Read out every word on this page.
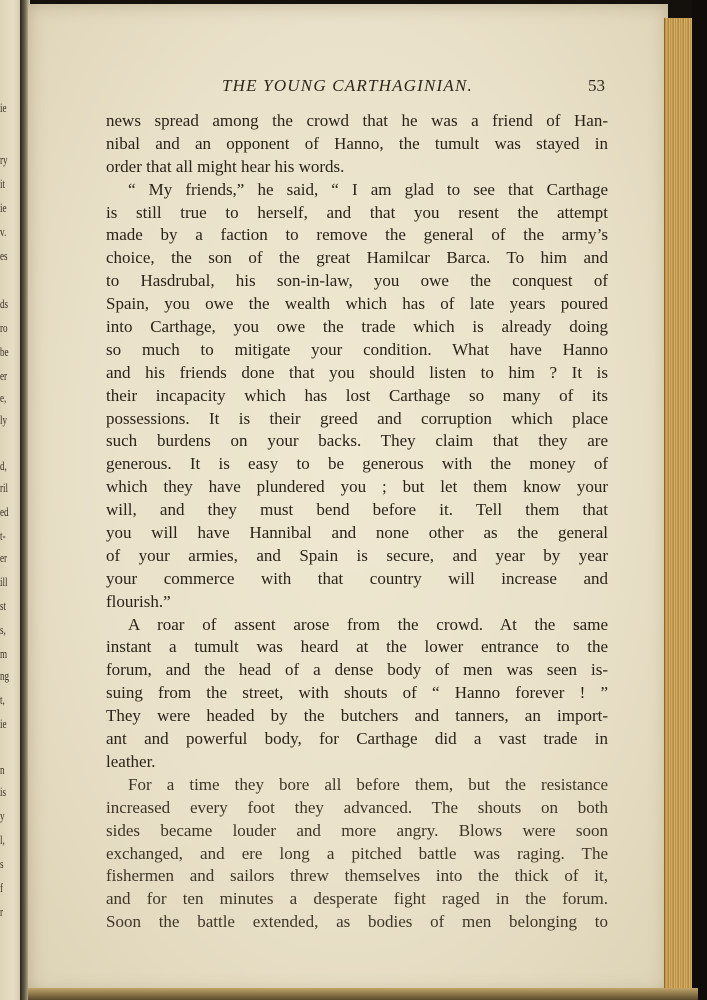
ie
ry
it
ie
v.
es
ds
ro
be
er
e,
ly
d,
ril
ed
t-
er
ill
st
s,
m
ng
t,
ie
n
is
y
l,
s
f
r
THE YOUNG CARTHAGINIAN.	53
news spread among the crowd that he was a friend of Han-
nibal and an opponent of Hanno, the tumult was stayed in
order that all might hear his words.
“ My friends,” he said, “ I am glad to see that Carthage
is still true to herself, and that you resent the attempt
made by a faction to remove the general of the army’s
choice, the son of the great Hamilcar Barca. To him and
to Hasdrubal, his son-in-law, you owe the conquest of
Spain, you owe the wealth which has of late years poured
into Carthage, you owe the trade which is already doing
so much to mitigate your condition. What have Hanno
and his friends done that you should listen to him ? It is
their incapacity which has lost Carthage so many of its
possessions. It is their greed and corruption which place
such burdens on your backs. They claim that they are
generous. It is easy to be generous with the money of
which they have plundered you ; but let them know your
will, and they must bend before it. Tell them that
you will have Hannibal and none other as the general
of your armies, and Spain is secure, and year by year
your commerce with that country will increase and
flourish.”
A roar of assent arose from the crowd. At the same
instant a tumult was heard at the lower entrance to the
forum, and the head of a dense body of men was seen is-
suing from the street, with shouts of “ Hanno forever ! ”
They were headed by the butchers and tanners, an import-
ant and powerful body, for Carthage did a vast trade in
leather.
For a time they bore all before them, but the resistance
increased every foot they advanced. The shouts on both
sides became louder and more angry. Blows were soon
exchanged, and ere long a pitched battle was raging. The
fishermen and sailors threw themselves into the thick of it,
and for ten minutes a desperate fight raged in the forum.
Soon the battle extended, as bodies of men belonging to
